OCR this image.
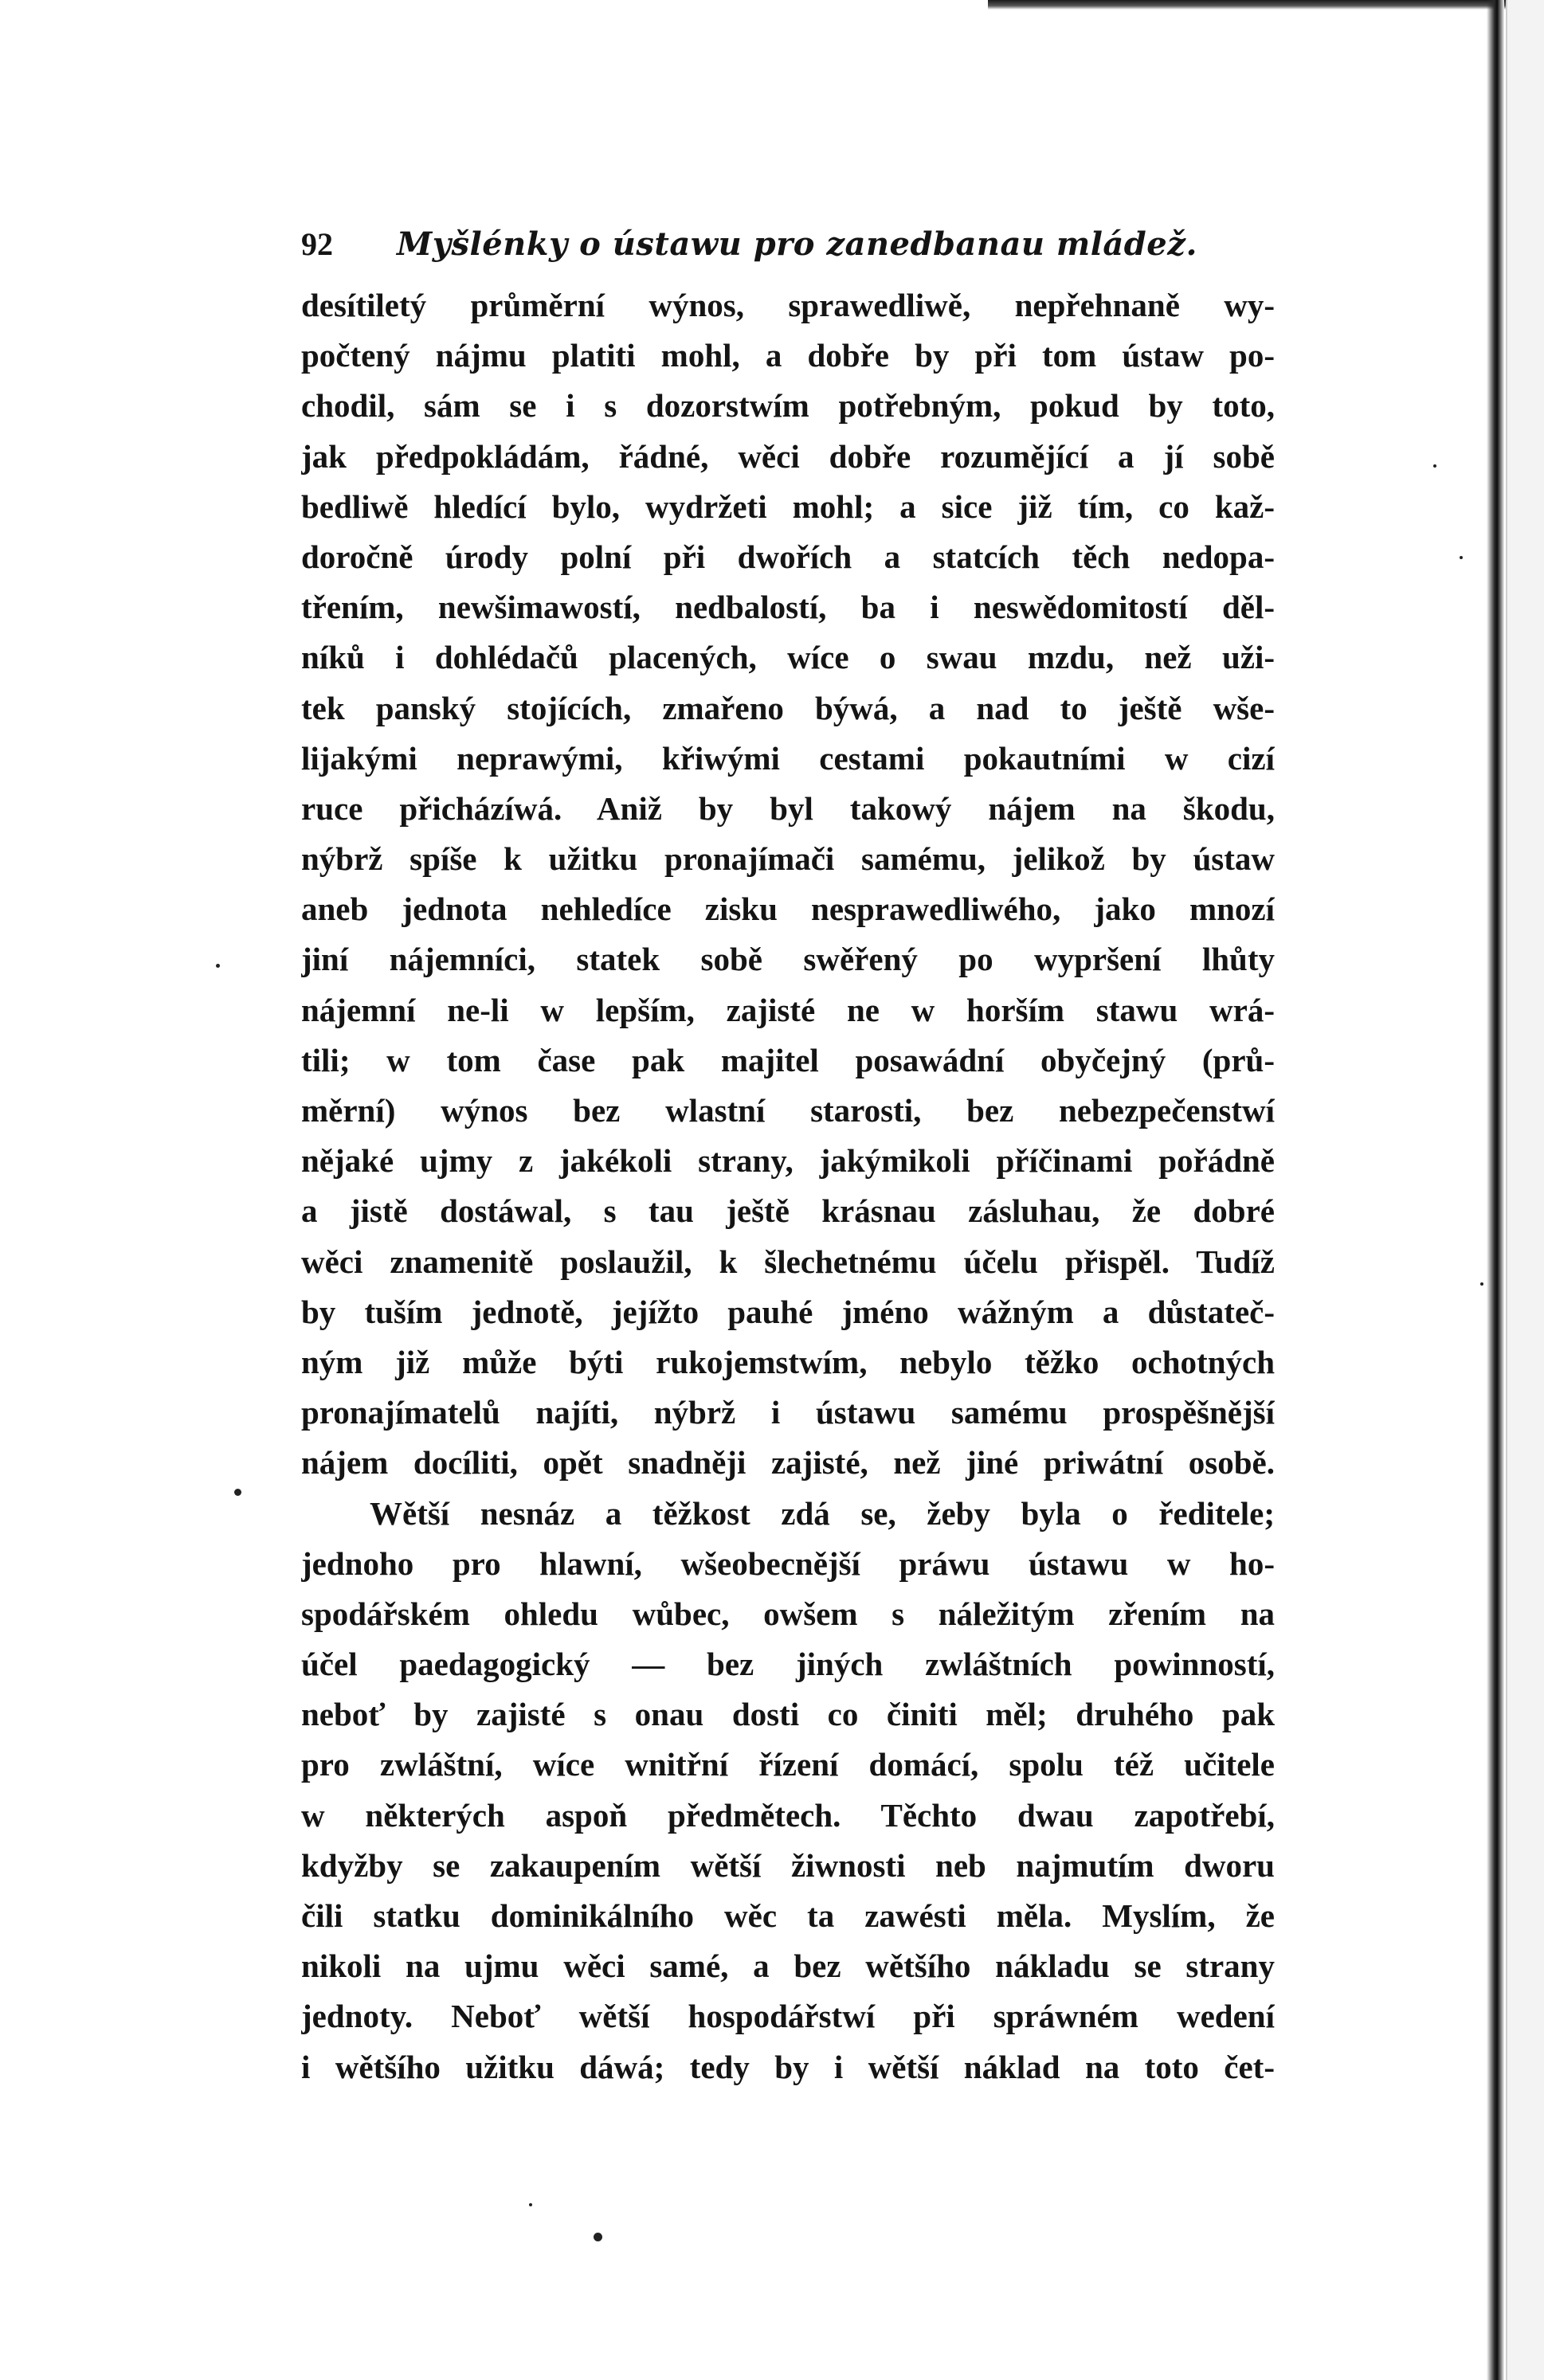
92 Myšlénky o ústawu pro zanedbanau mládež.
desítiletý průměrní wýnos, sprawedliwě, nepřehnaně wy-
počtený nájmu platiti mohl, a dobře by při tom ústaw po-
chodil, sám se i s dozorstwím potřebným, pokud by toto,
jak předpokládám, řádné, wěci dobře rozumějící a jí sobě
bedliwě hledící bylo, wydržeti mohl; a sice již tím, co kaž-
doročně úrody polní při dwořích a statcích těch nedopa-
třením, newšimawostí, nedbalostí, ba i neswědomitostí děl-
níků i dohlédačů placených, wíce o swau mzdu, než uži-
tek panský stojících, zmařeno býwá, a nad to ještě wše-
lijakými neprawými, křiwými cestami pokautními w cizí
ruce přicházíwá. Aniž by byl takowý nájem na škodu,
nýbrž spíše k užitku pronajímači samému, jelikož by ústaw
aneb jednota nehledíce zisku nesprawedliwého, jako mnozí
jiní nájemníci, statek sobě swěřený po wypršení lhůty
nájemní ne-li w lepším, zajisté ne w horším stawu wrá-
tili; w tom čase pak majitel posawádní obyčejný (prů-
měrní) wýnos bez wlastní starosti, bez nebezpečenstwí
nějaké ujmy z jakékoli strany, jakýmikoli příčinami pořádně
a jistě dostáwal, s tau ještě krásnau zásluhau, že dobré
wěci znamenitě poslaužil, k šlechetnému účelu přispěl. Tudíž
by tuším jednotě, jejížto pauhé jméno wážným a důstateč-
ným již může býti rukojemstwím, nebylo těžko ochotných
pronajímatelů najíti, nýbrž i ústawu samému prospěšnější
nájem docíliti, opět snadněji zajisté, než jiné priwátní osobě.
Wětší nesnáz a těžkost zdá se, žeby byla o ředitele;
jednoho pro hlawní, wšeobecnější práwu ústawu w ho-
spodářském ohledu wůbec, owšem s náležitým zřením na
účel paedagogický — bez jiných zwláštních powinností,
neboť by zajisté s onau dosti co činiti měl; druhého pak
pro zwláštní, wíce wnitřní řízení domácí, spolu též učitele
w některých aspoň předmětech. Těchto dwau zapotřebí,
kdyžby se zakaupením wětší žiwnosti neb najmutím dworu
čili statku dominikálního wěc ta zawésti měla. Myslím, že
nikoli na ujmu wěci samé, a bez wětšího nákladu se strany
jednoty. Neboť wětší hospodářstwí při spráwném wedení
i wětšího užitku dáwá; tedy by i wětší náklad na toto čet-
